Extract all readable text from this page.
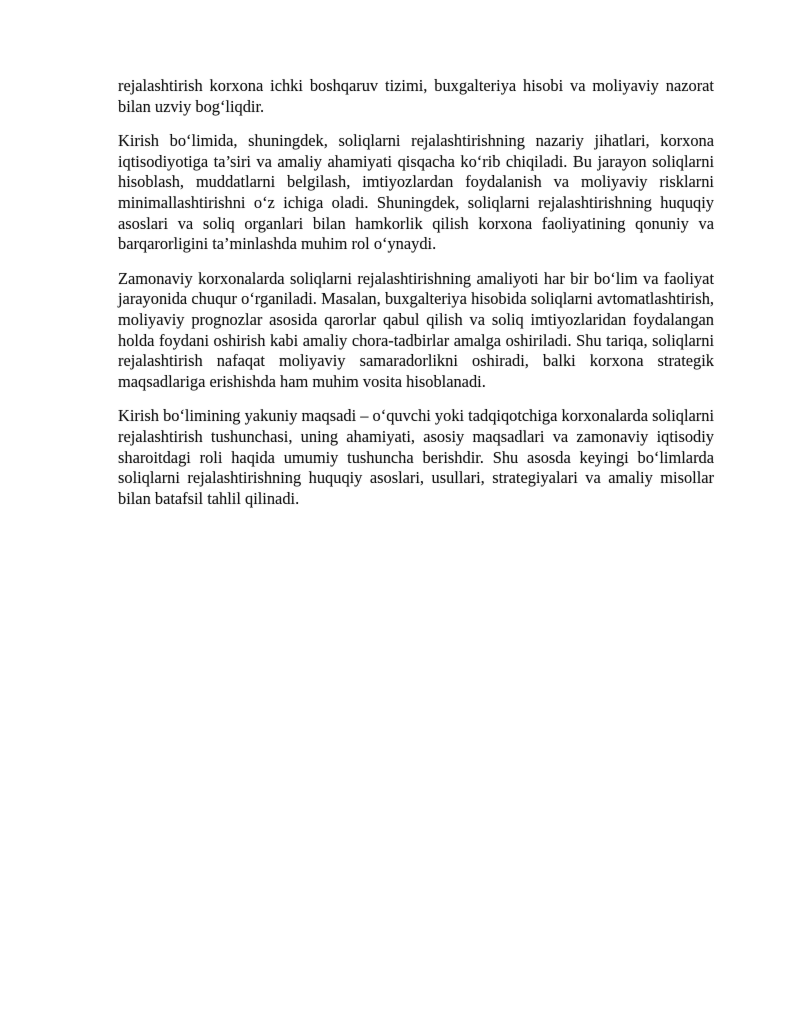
rejalashtirish korxona ichki boshqaruv tizimi, buxgalteriya hisobi va moliyaviy nazorat bilan uzviy bog‘liqdir.

Kirish bo‘limida, shuningdek, soliqlarni rejalashtirishning nazariy jihatlari, korxona iqtisodiyotiga ta’siri va amaliy ahamiyati qisqacha ko‘rib chiqiladi. Bu jarayon soliqlarni hisoblash, muddatlarni belgilash, imtiyozlardan foydalanish va moliyaviy risklarni minimallashtirishni o‘z ichiga oladi. Shuningdek, soliqlarni rejalashtirishning huquqiy asoslari va soliq organlari bilan hamkorlik qilish korxona faoliyatining qonuniy va barqarorligini ta’minlashda muhim rol o‘ynaydi.

Zamonaviy korxonalarda soliqlarni rejalashtirishning amaliyoti har bir bo‘lim va faoliyat jarayonida chuqur o‘rganiladi. Masalan, buxgalteriya hisobida soliqlarni avtomatlashtirish, moliyaviy prognozlar asosida qarorlar qabul qilish va soliq imtiyozlaridan foydalangan holda foydani oshirish kabi amaliy chora-tadbirlar amalga oshiriladi. Shu tariqa, soliqlarni rejalashtirish nafaqat moliyaviy samaradorlikni oshiradi, balki korxona strategik maqsadlariga erishishda ham muhim vosita hisoblanadi.

Kirish bo‘limining yakuniy maqsadi – o‘quvchi yoki tadqiqotchiga korxonalarda soliqlarni rejalashtirish tushunchasi, uning ahamiyati, asosiy maqsadlari va zamonaviy iqtisodiy sharoitdagi roli haqida umumiy tushuncha berishdir. Shu asosda keyingi bo‘limlarda soliqlarni rejalashtirishning huquqiy asoslari, usullari, strategiyalari va amaliy misollar bilan batafsil tahlil qilinadi.
